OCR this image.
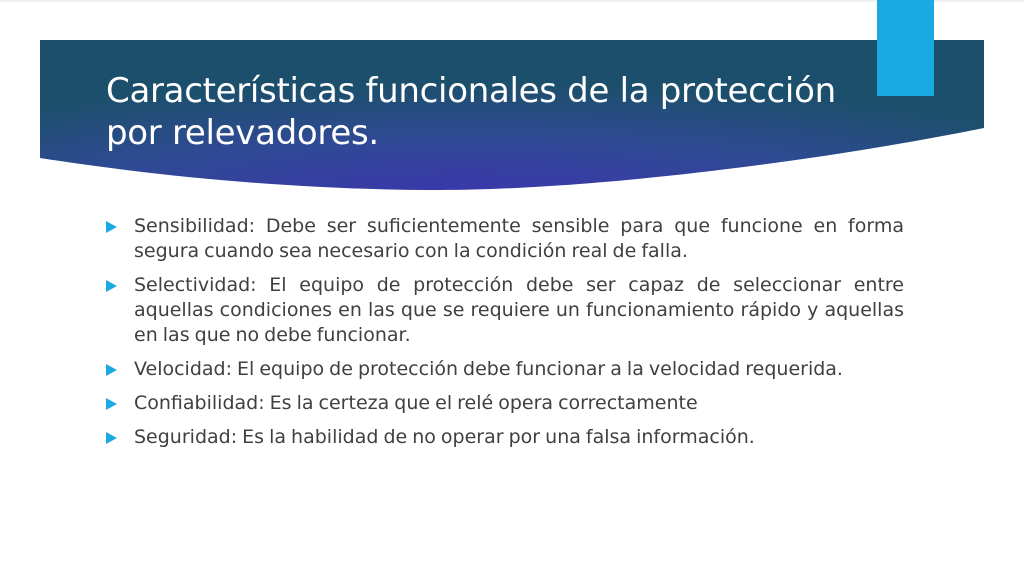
Características funcionales de la protección por relevadores.
Sensibilidad: Debe ser suficientemente sensible para que funcione en forma segura cuando sea necesario con la condición real de falla.
Selectividad: El equipo de protección debe ser capaz de seleccionar entre aquellas condiciones en las que se requiere un funcionamiento rápido y aquellas en las que no debe funcionar.
Velocidad: El equipo de protección debe funcionar a la velocidad requerida.
Confiabilidad: Es la certeza que el relé opera correctamente
Seguridad: Es la habilidad de no operar por una falsa información.
